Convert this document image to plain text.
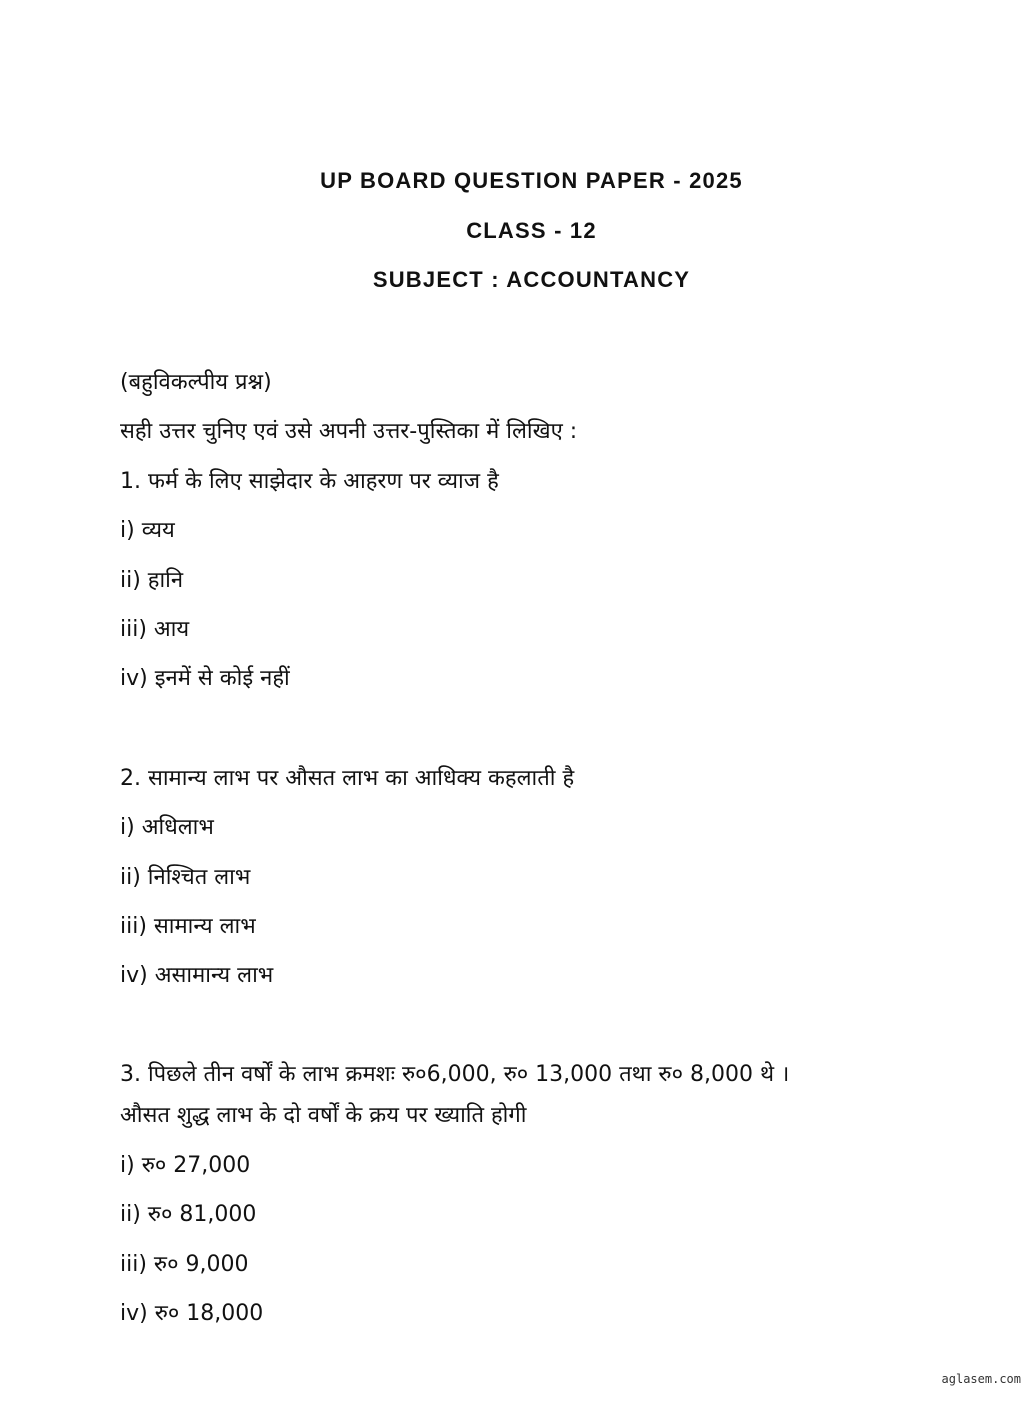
UP BOARD QUESTION PAPER - 2025
CLASS - 12
SUBJECT : ACCOUNTANCY
(बहुविकल्पीय प्रश्न)
सही उत्तर चुनिए एवं उसे अपनी उत्तर-पुस्तिका में लिखिए :
1. फर्म के लिए साझेदार के आहरण पर व्याज है
i) व्यय
ii) हानि
iii) आय
iv) इनमें से कोई नहीं
2. सामान्य लाभ पर औसत लाभ का आधिक्य कहलाती है
i) अधिलाभ
ii) निश्चित लाभ
iii) सामान्य लाभ
iv) असामान्य लाभ
3. पिछले तीन वर्षों के लाभ क्रमशः रु०6,000, रु० 13,000 तथा रु० 8,000 थे ।
औसत शुद्ध लाभ के दो वर्षों के क्रय पर ख्याति होगी
i) रु० 27,000
ii) रु० 81,000
iii) रु० 9,000
iv) रु० 18,000
aglasem.com
